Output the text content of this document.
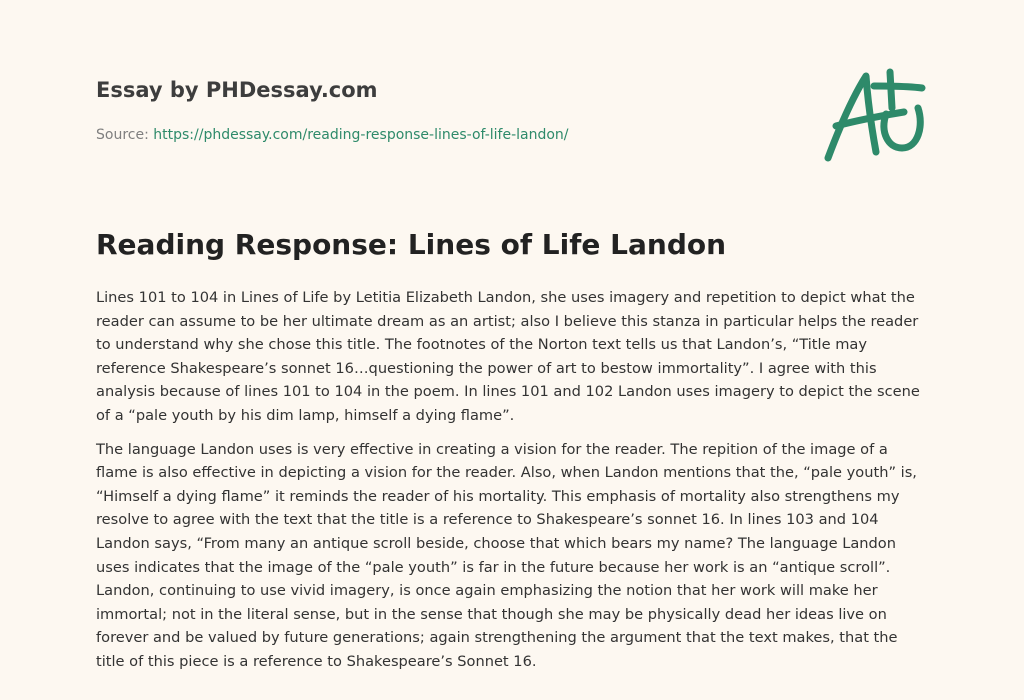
Essay by PHDessay.com
Source: https://phdessay.com/reading-response-lines-of-life-landon/
Reading Response: Lines of Life Landon

Lines 101 to 104 in Lines of Life by Letitia Elizabeth Landon, she uses imagery and repetition to depict what the reader can assume to be her ultimate dream as an artist; also I believe this stanza in particular helps the reader to understand why she chose this title. The footnotes of the Norton text tells us that Landon’s, “Title may reference Shakespeare’s sonnet 16…questioning the power of art to bestow immortality”. I agree with this analysis because of lines 101 to 104 in the poem. In lines 101 and 102 Landon uses imagery to depict the scene of a “pale youth by his dim lamp, himself a dying flame”.

The language Landon uses is very effective in creating a vision for the reader. The repition of the image of a flame is also effective in depicting a vision for the reader. Also, when Landon mentions that the, “pale youth” is, “Himself a dying flame” it reminds the reader of his mortality. This emphasis of mortality also strengthens my resolve to agree with the text that the title is a reference to Shakespeare’s sonnet 16. In lines 103 and 104 Landon says, “From many an antique scroll beside, choose that which bears my name? The language Landon uses indicates that the image of the “pale youth” is far in the future because her work is an “antique scroll”. Landon, continuing to use vivid imagery, is once again emphasizing the notion that her work will make her immortal; not in the literal sense, but in the sense that though she may be physically dead her ideas live on forever and be valued by future generations; again strengthening the argument that the text makes, that the title of this piece is a reference to Shakespeare’s Sonnet 16.
